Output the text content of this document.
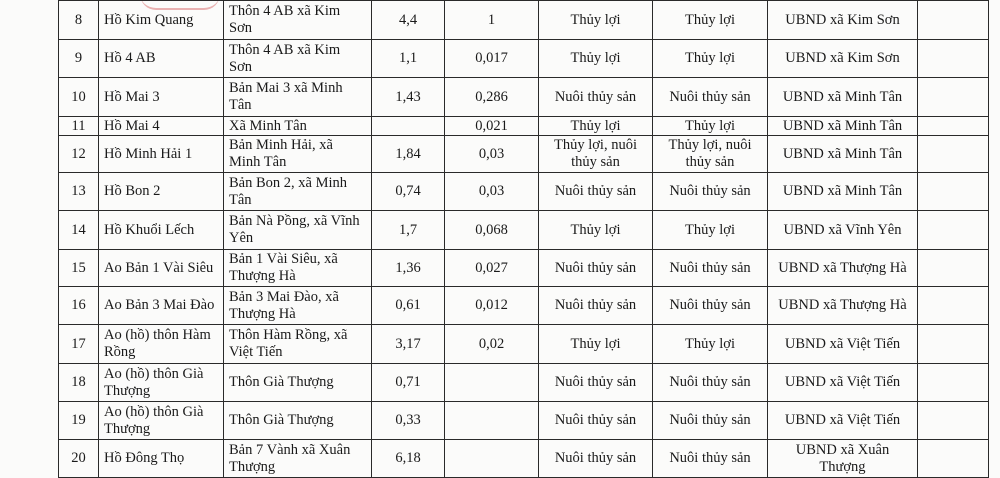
8	Hồ Kim Quang	Thôn 4 AB xã Kim Sơn	4,4	1	Thủy lợi	Thủy lợi	UBND xã Kim Sơn	
9	Hồ 4 AB	Thôn 4 AB xã Kim Sơn	1,1	0,017	Thủy lợi	Thủy lợi	UBND xã Kim Sơn	
10	Hồ Mai 3	Bản Mai 3 xã Minh Tân	1,43	0,286	Nuôi thủy sản	Nuôi thủy sản	UBND xã Minh Tân	
11	Hồ Mai 4	Xã Minh Tân		0,021	Thủy lợi	Thủy lợi	UBND xã Minh Tân	
12	Hồ Minh Hải 1	Bản Minh Hải, xã Minh Tân	1,84	0,03	Thủy lợi, nuôi thủy sản	Thủy lợi, nuôi thủy sản	UBND xã Minh Tân	
13	Hồ Bon 2	Bản Bon 2, xã Minh Tân	0,74	0,03	Nuôi thủy sản	Nuôi thủy sản	UBND xã Minh Tân	
14	Hồ Khuổi Lếch	Bản Nà Pồng, xã Vĩnh Yên	1,7	0,068	Thủy lợi	Thủy lợi	UBND xã Vĩnh Yên	
15	Ao Bản 1 Vài Siêu	Bản 1 Vài Siêu, xã Thượng Hà	1,36	0,027	Nuôi thủy sản	Nuôi thủy sản	UBND xã Thượng Hà	
16	Ao Bản 3 Mai Đào	Bản 3 Mai Đào, xã Thượng Hà	0,61	0,012	Nuôi thủy sản	Nuôi thủy sản	UBND xã Thượng Hà	
17	Ao (hồ) thôn Hàm Rồng	Thôn Hàm Rồng, xã Việt Tiến	3,17	0,02	Thủy lợi	Thủy lợi	UBND xã Việt Tiến	
18	Ao (hồ) thôn Già Thượng	Thôn Già Thượng	0,71		Nuôi thủy sản	Nuôi thủy sản	UBND xã Việt Tiến	
19	Ao (hồ) thôn Già Thượng	Thôn Già Thượng	0,33		Nuôi thủy sản	Nuôi thủy sản	UBND xã Việt Tiến	
20	Hồ Đông Thọ	Bản 7 Vành xã Xuân Thượng	6,18		Nuôi thủy sản	Nuôi thủy sản	UBND xã Xuân Thượng	
